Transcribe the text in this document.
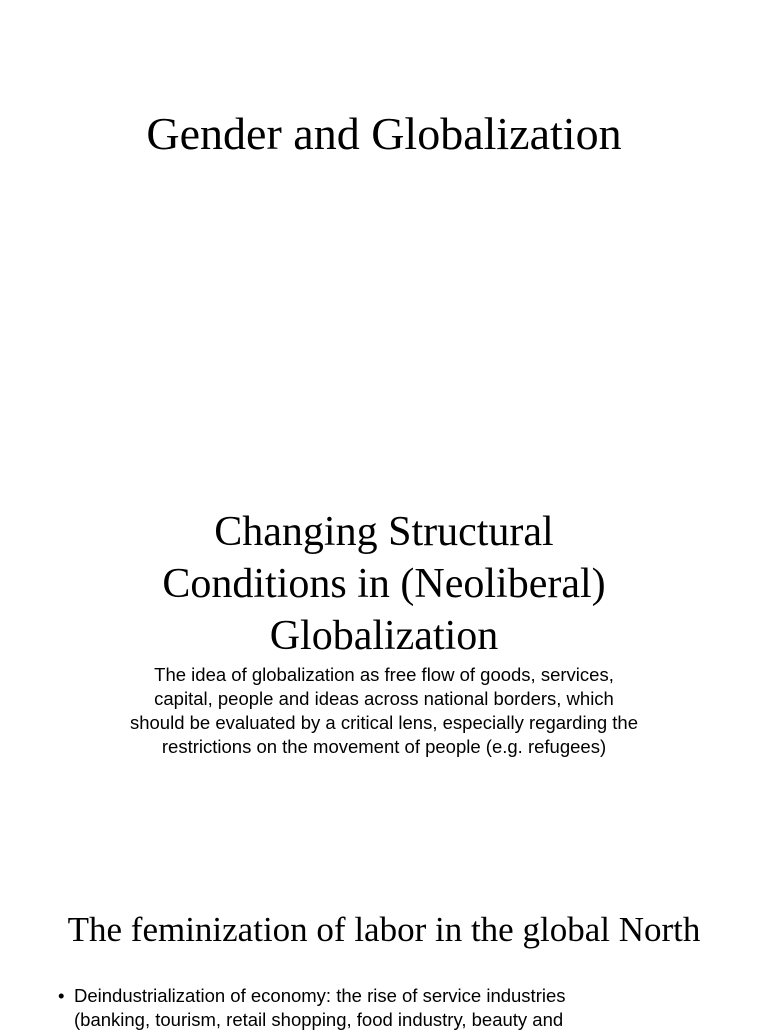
Gender and Globalization
Changing Structural
Conditions in (Neoliberal)
Globalization

The idea of globalization as free flow of goods, services,
capital, people and ideas across national borders, which
should be evaluated by a critical lens, especially regarding the
restrictions on the movement of people (e.g. refugees)

The feminization of labor in the global North
• Deindustrialization of economy: the rise of service industries
(banking, tourism, retail shopping, food industry, beauty and
